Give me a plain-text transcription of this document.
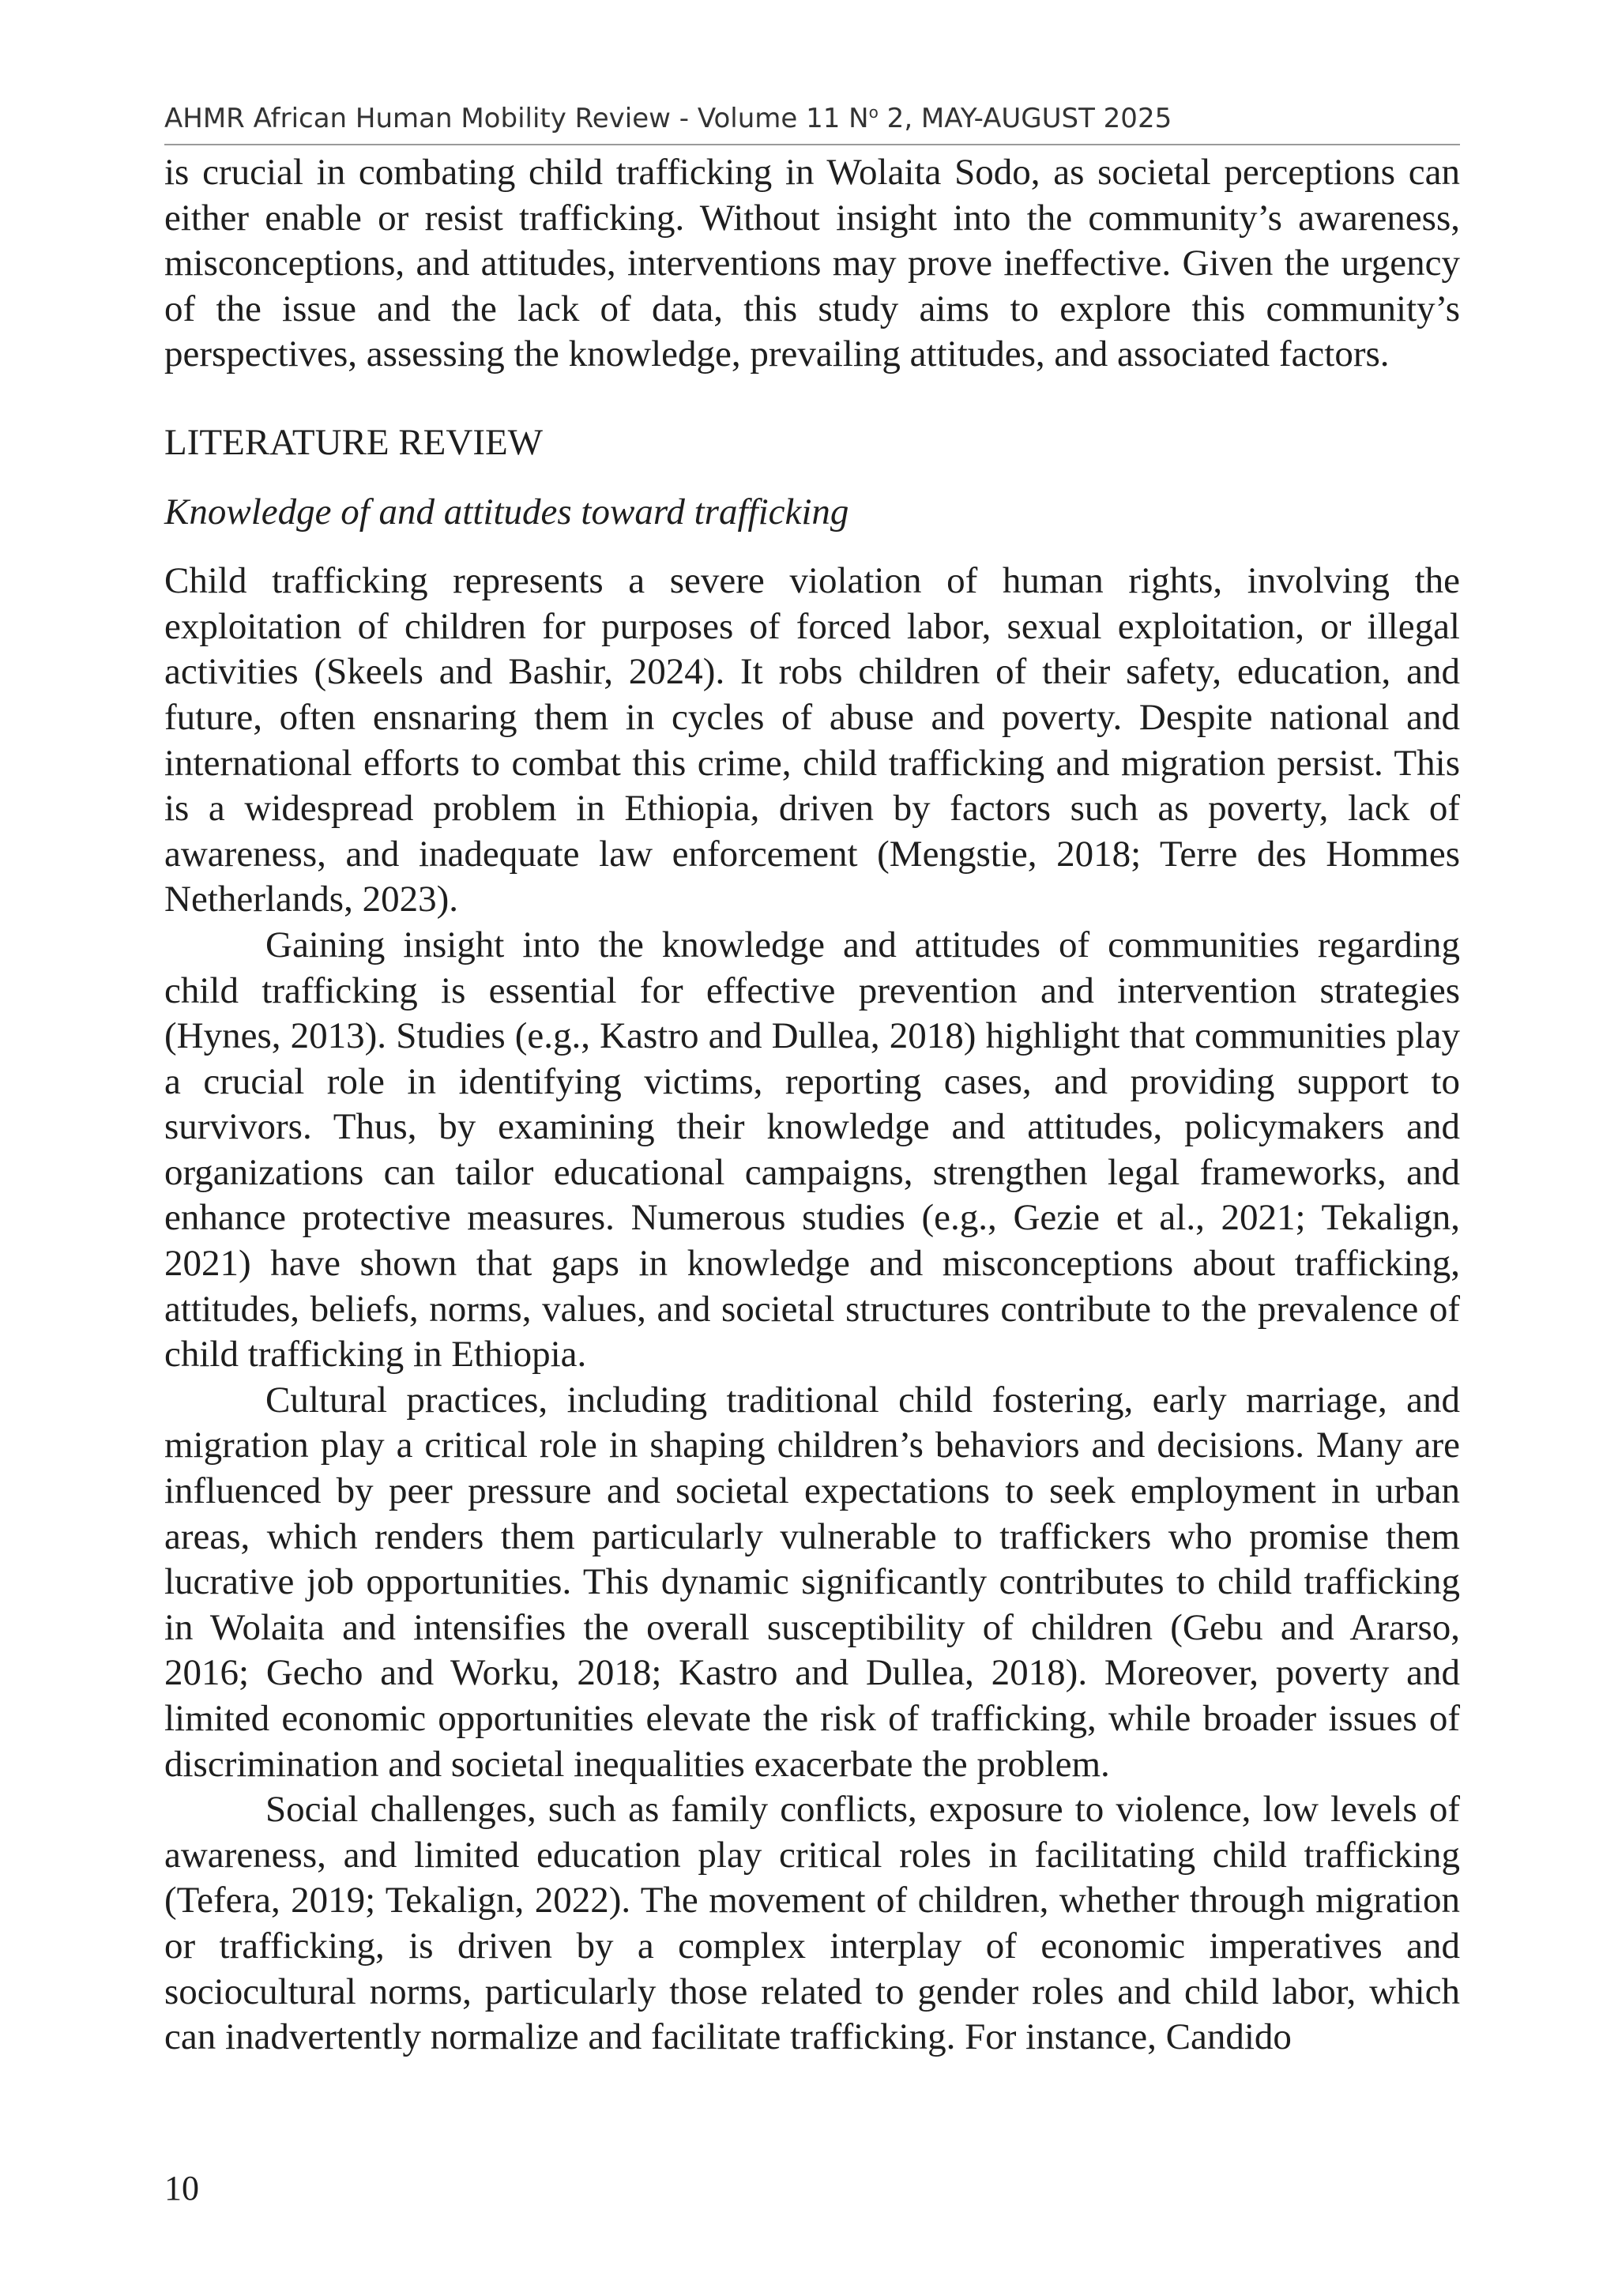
AHMR African Human Mobility Review - Volume 11 $N^o$ 2, MAY-AUGUST 2025

is crucial in combating child trafficking in Wolaita Sodo, as societal perceptions can either enable or resist trafficking. Without insight into the community’s awareness, misconceptions, and attitudes, interventions may prove ineffective. Given the urgency of the issue and the lack of data, this study aims to explore this community’s perspectives, assessing the knowledge, prevailing attitudes, and associated factors.

LITERATURE REVIEW
Knowledge of and attitudes toward trafficking

Child trafficking represents a severe violation of human rights, involving the exploitation of children for purposes of forced labor, sexual exploitation, or illegal activities (Skeels and Bashir, 2024). It robs children of their safety, education, and future, often ensnaring them in cycles of abuse and poverty. Despite national and international efforts to combat this crime, child trafficking and migration persist. This is a widespread problem in Ethiopia, driven by factors such as poverty, lack of awareness, and inadequate law enforcement (Mengstie, 2018; Terre des Hommes Netherlands, 2023).

Gaining insight into the knowledge and attitudes of communities regarding child trafficking is essential for effective prevention and intervention strategies (Hynes, 2013). Studies (e.g., Kastro and Dullea, 2018) highlight that communities play a crucial role in identifying victims, reporting cases, and providing support to survivors. Thus, by examining their knowledge and attitudes, policymakers and organizations can tailor educational campaigns, strengthen legal frameworks, and enhance protective measures. Numerous studies (e.g., Gezie et al., 2021; Tekalign, 2021) have shown that gaps in knowledge and misconceptions about trafficking, attitudes, beliefs, norms, values, and societal structures contribute to the prevalence of child trafficking in Ethiopia.

Cultural practices, including traditional child fostering, early marriage, and migration play a critical role in shaping children’s behaviors and decisions. Many are influenced by peer pressure and societal expectations to seek employment in urban areas, which renders them particularly vulnerable to traffickers who promise them lucrative job opportunities. This dynamic significantly contributes to child trafficking in Wolaita and intensifies the overall susceptibility of children (Gebu and Ararso, 2016; Gecho and Worku, 2018; Kastro and Dullea, 2018). Moreover, poverty and limited economic opportunities elevate the risk of trafficking, while broader issues of discrimination and societal inequalities exacerbate the problem.

Social challenges, such as family conflicts, exposure to violence, low levels of awareness, and limited education play critical roles in facilitating child trafficking (Tefera, 2019; Tekalign, 2022). The movement of children, whether through migration or trafficking, is driven by a complex interplay of economic imperatives and sociocultural norms, particularly those related to gender roles and child labor, which can inadvertently normalize and facilitate trafficking. For instance, Candido

10
